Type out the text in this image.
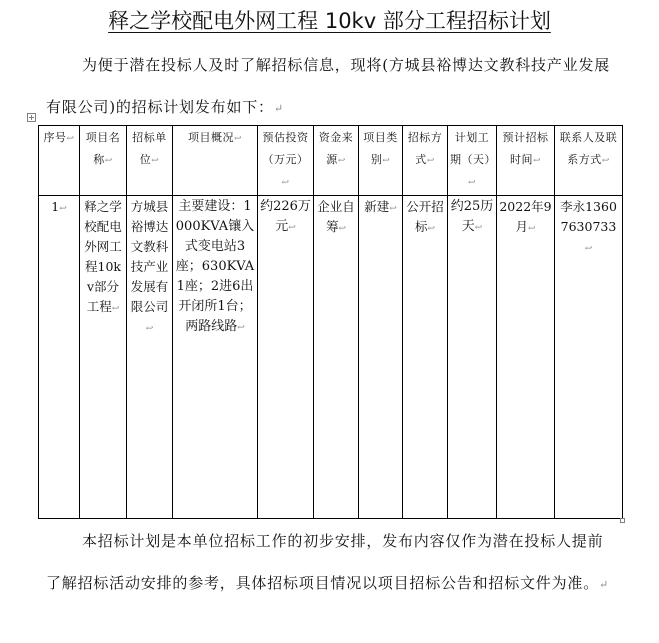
释之学校配电外网工程 10kv 部分工程招标计划

为便于潜在投标人及时了解招标信息，现将(方城县裕博达文教科技产业发展有限公司)的招标计划发布如下：↵

序号↩	项目名称↩	招标单位↩	项目概况↩	预估投资（万元）↩	资金来源↩	项目类别↩	招标方式↩	计划工期（天）↩	预计招标时间↩	联系人及联系方式↩
1↩	释之学校配电外网工程10kv部分工程↩	方城县裕博达文教科技产业发展有限公司↩	主要建设：1000KVA镶入式变电站3座；630KVA1座；2进6出开闭所1台；两路线路↩	约226万元↩	企业自筹↩	新建↩	公开招标↩	约25历天↩	2022年9月↩	李永13607630733↩

本招标计划是本单位招标工作的初步安排，发布内容仅作为潜在投标人提前了解招标活动安排的参考，具体招标项目情况以项目招标公告和招标文件为准。↵
